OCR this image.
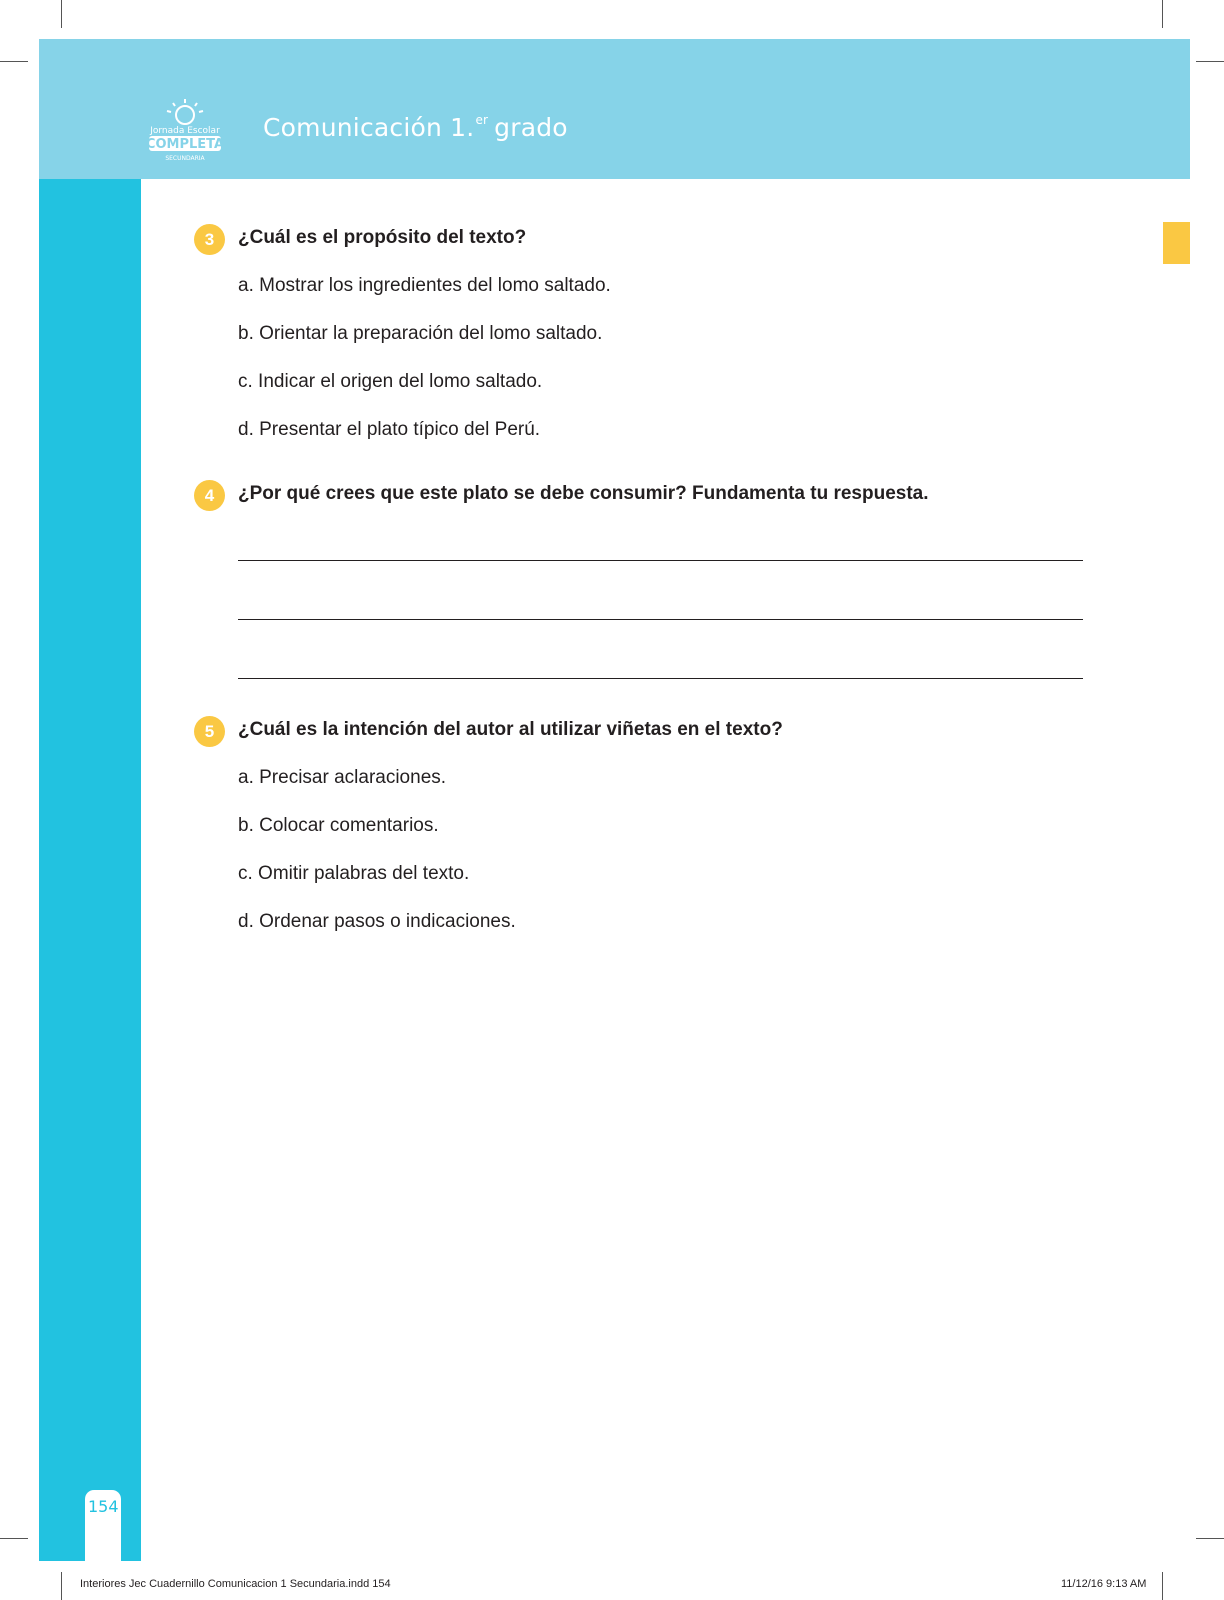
Jornada Escolar
COMPLETA
SECUNDARIA
Comunicación 1.$^{er}$ grado
154
3	¿Cuál es el propósito del texto?
a. Mostrar los ingredientes del lomo saltado.
b. Orientar la preparación del lomo saltado.
c. Indicar el origen del lomo saltado.
d. Presentar el plato típico del Perú.
4	¿Por qué crees que este plato se debe consumir? Fundamenta tu respuesta.
5	¿Cuál es la intención del autor al utilizar viñetas en el texto?
a. Precisar aclaraciones.
b. Colocar comentarios.
c. Omitir palabras del texto.
d. Ordenar pasos o indicaciones.
Interiores Jec Cuadernillo Comunicacion 1 Secundaria.indd 154	11/12/16 9:13 AM
